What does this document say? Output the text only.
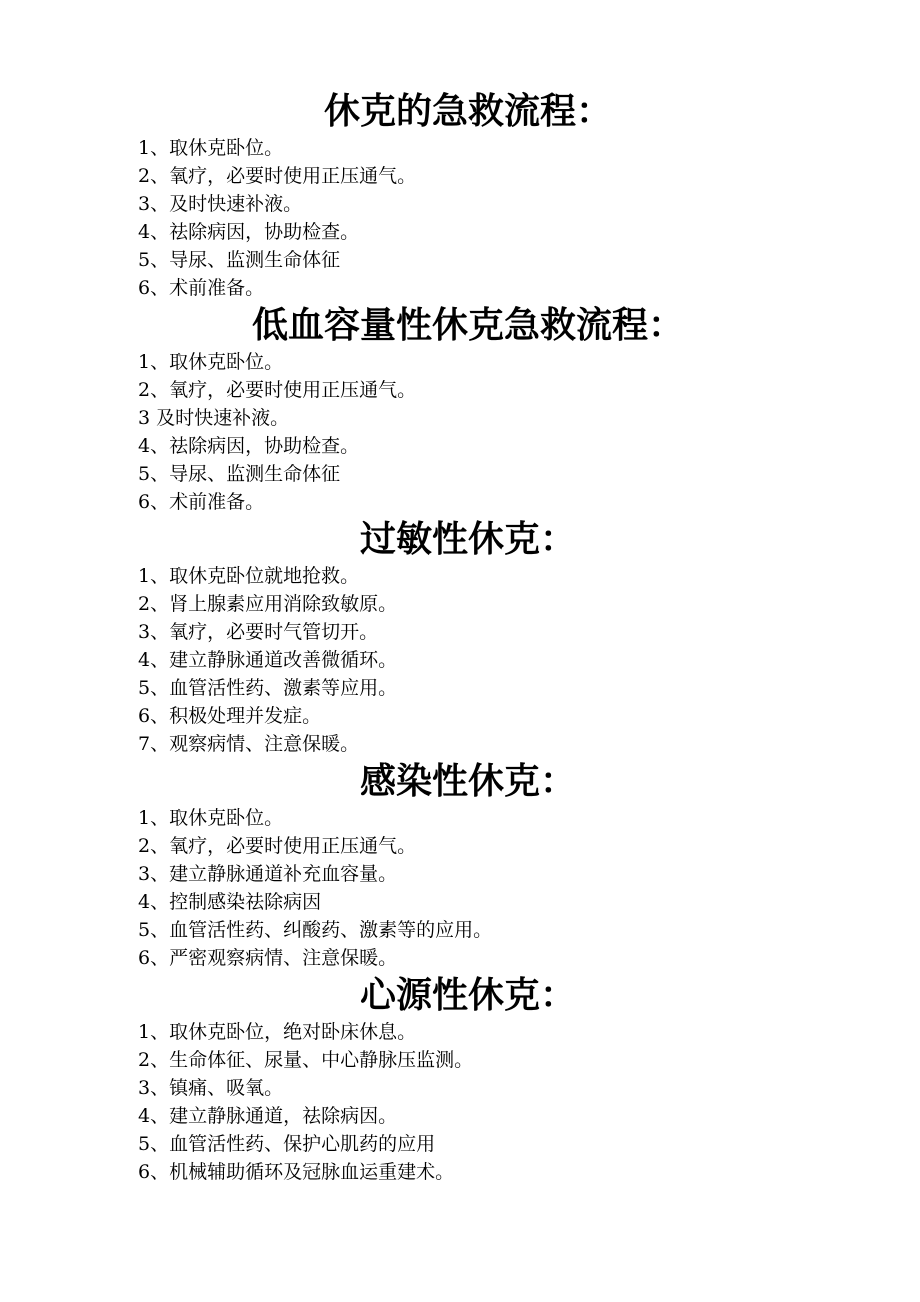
休克的急救流程：
1、取休克卧位。
2、氧疗，必要时使用正压通气。
3、及时快速补液。
4、祛除病因，协助检查。
5、导尿、监测生命体征
6、术前准备。
低血容量性休克急救流程：
1、取休克卧位。
2、氧疗，必要时使用正压通气。
3 及时快速补液。
4、祛除病因，协助检查。
5、导尿、监测生命体征
6、术前准备。
过敏性休克：
1、取休克卧位就地抢救。
2、肾上腺素应用消除致敏原。
3、氧疗，必要时气管切开。
4、建立静脉通道改善微循环。
5、血管活性药、激素等应用。
6、积极处理并发症。
7、观察病情、注意保暖。
感染性休克：
1、取休克卧位。
2、氧疗，必要时使用正压通气。
3、建立静脉通道补充血容量。
4、控制感染祛除病因
5、血管活性药、纠酸药、激素等的应用。
6、严密观察病情、注意保暖。
心源性休克：
1、取休克卧位，绝对卧床休息。
2、生命体征、尿量、中心静脉压监测。
3、镇痛、吸氧。
4、建立静脉通道，祛除病因。
5、血管活性药、保护心肌药的应用
6、机械辅助循环及冠脉血运重建术。
